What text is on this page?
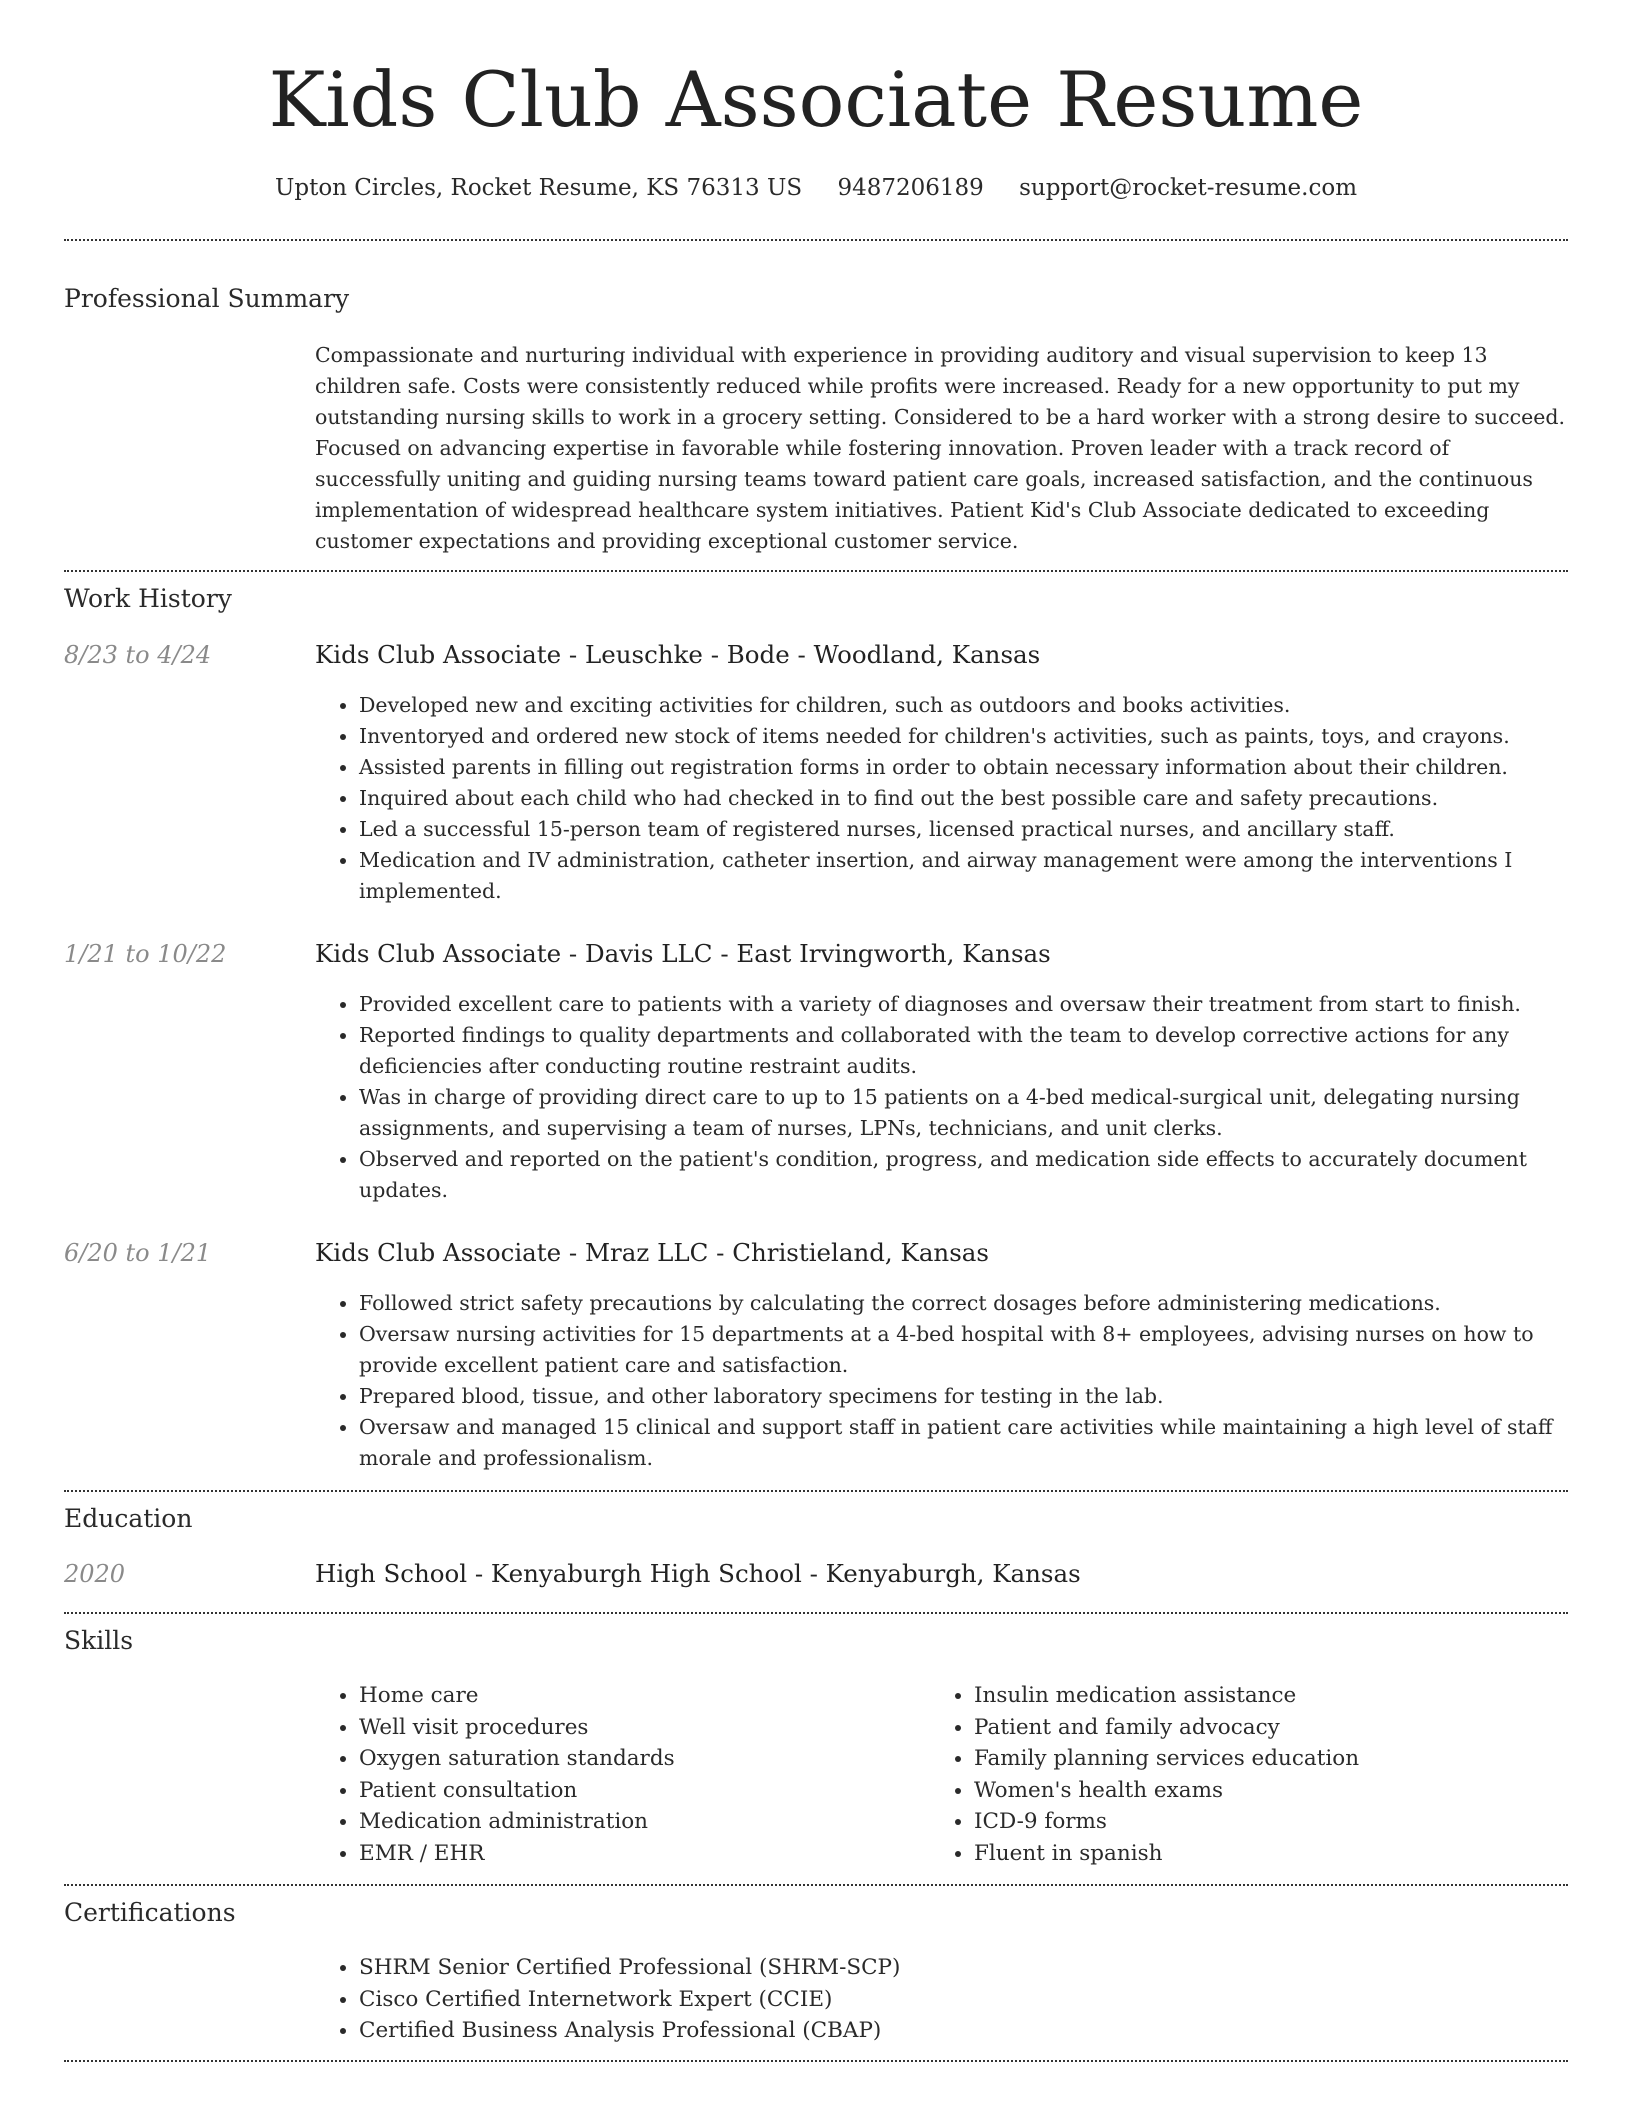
Kids Club Associate Resume
Upton Circles, Rocket Resume, KS 76313 US 9487206189 support@rocket-resume.com
Professional Summary
Compassionate and nurturing individual with experience in providing auditory and visual supervision to keep 13 children safe. Costs were consistently reduced while profits were increased. Ready for a new opportunity to put my outstanding nursing skills to work in a grocery setting. Considered to be a hard worker with a strong desire to succeed. Focused on advancing expertise in favorable while fostering innovation. Proven leader with a track record of successfully uniting and guiding nursing teams toward patient care goals, increased satisfaction, and the continuous implementation of widespread healthcare system initiatives. Patient Kid's Club Associate dedicated to exceeding customer expectations and providing exceptional customer service.
Work History
8/23 to 4/24	Kids Club Associate - Leuschke - Bode - Woodland, Kansas
• Developed new and exciting activities for children, such as outdoors and books activities.
• Inventoryed and ordered new stock of items needed for children's activities, such as paints, toys, and crayons.
• Assisted parents in filling out registration forms in order to obtain necessary information about their children.
• Inquired about each child who had checked in to find out the best possible care and safety precautions.
• Led a successful 15-person team of registered nurses, licensed practical nurses, and ancillary staff.
• Medication and IV administration, catheter insertion, and airway management were among the interventions I implemented.
1/21 to 10/22	Kids Club Associate - Davis LLC - East Irvingworth, Kansas
• Provided excellent care to patients with a variety of diagnoses and oversaw their treatment from start to finish.
• Reported findings to quality departments and collaborated with the team to develop corrective actions for any deficiencies after conducting routine restraint audits.
• Was in charge of providing direct care to up to 15 patients on a 4-bed medical-surgical unit, delegating nursing assignments, and supervising a team of nurses, LPNs, technicians, and unit clerks.
• Observed and reported on the patient's condition, progress, and medication side effects to accurately document updates.
6/20 to 1/21	Kids Club Associate - Mraz LLC - Christieland, Kansas
• Followed strict safety precautions by calculating the correct dosages before administering medications.
• Oversaw nursing activities for 15 departments at a 4-bed hospital with 8+ employees, advising nurses on how to provide excellent patient care and satisfaction.
• Prepared blood, tissue, and other laboratory specimens for testing in the lab.
• Oversaw and managed 15 clinical and support staff in patient care activities while maintaining a high level of staff morale and professionalism.
Education
2020	High School - Kenyaburgh High School - Kenyaburgh, Kansas
Skills
• Home care
• Well visit procedures
• Oxygen saturation standards
• Patient consultation
• Medication administration
• EMR / EHR
• Insulin medication assistance
• Patient and family advocacy
• Family planning services education
• Women's health exams
• ICD-9 forms
• Fluent in spanish
Certifications
• SHRM Senior Certified Professional (SHRM-SCP)
• Cisco Certified Internetwork Expert (CCIE)
• Certified Business Analysis Professional (CBAP)
